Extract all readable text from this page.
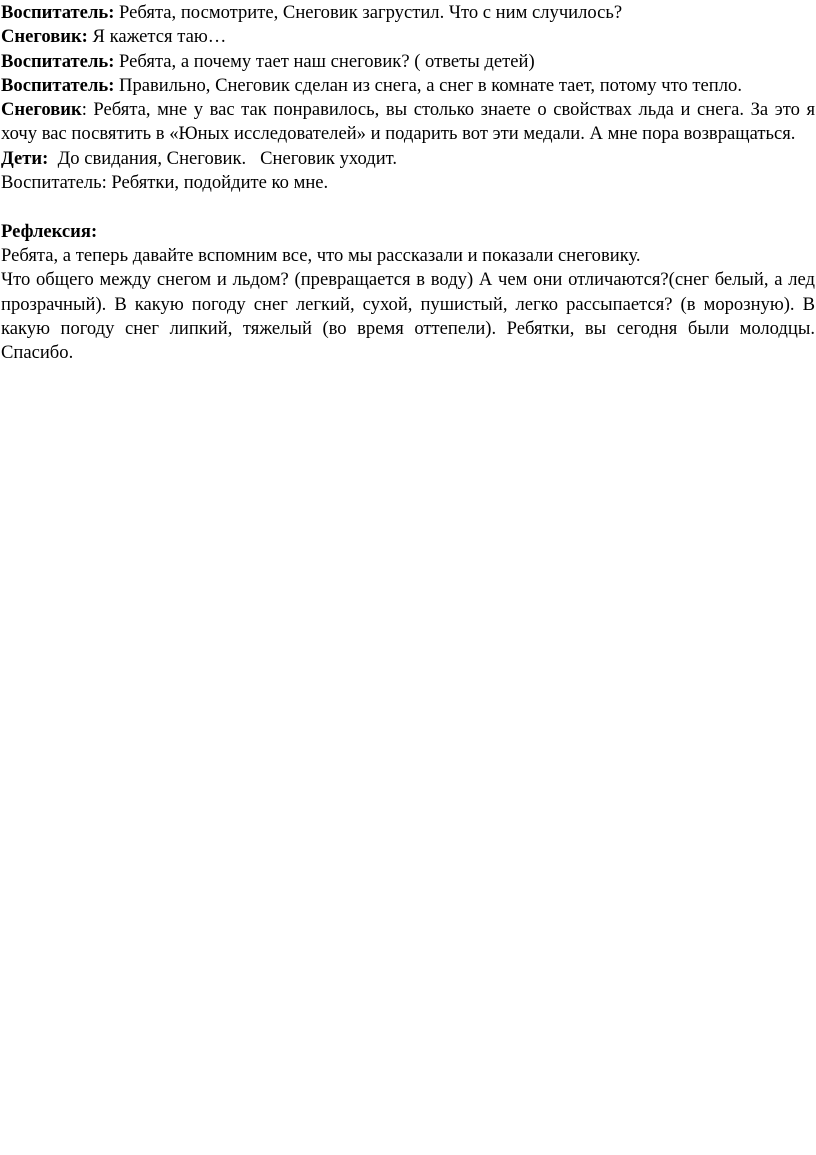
Воспитатель: Ребята, посмотрите, Снеговик загрустил. Что с ним случилось?

Снеговик: Я кажется таю…

Воспитатель: Ребята, а почему тает наш снеговик? ( ответы детей)

Воспитатель: Правильно, Снеговик сделан из снега, а снег в комнате тает, потому что тепло.

Снеговик: Ребята, мне у вас так понравилось, вы столько знаете о свойствах льда и снега. За это я хочу вас посвятить в «Юных исследователей» и подарить вот эти медали. А мне пора возвращаться.

Дети:  До свидания, Снеговик.   Снеговик уходит.

Воспитатель: Ребятки, подойдите ко мне.

Рефлексия:

Ребята, а теперь давайте вспомним все, что мы рассказали и показали снеговику.

Что общего между снегом и льдом? (превращается в воду) А чем они отличаются?(снег белый, а лед прозрачный). В какую погоду снег легкий, сухой, пушистый, легко рассыпается? (в морозную). В какую погоду снег липкий, тяжелый (во время оттепели). Ребятки, вы сегодня были молодцы. Спасибо.
